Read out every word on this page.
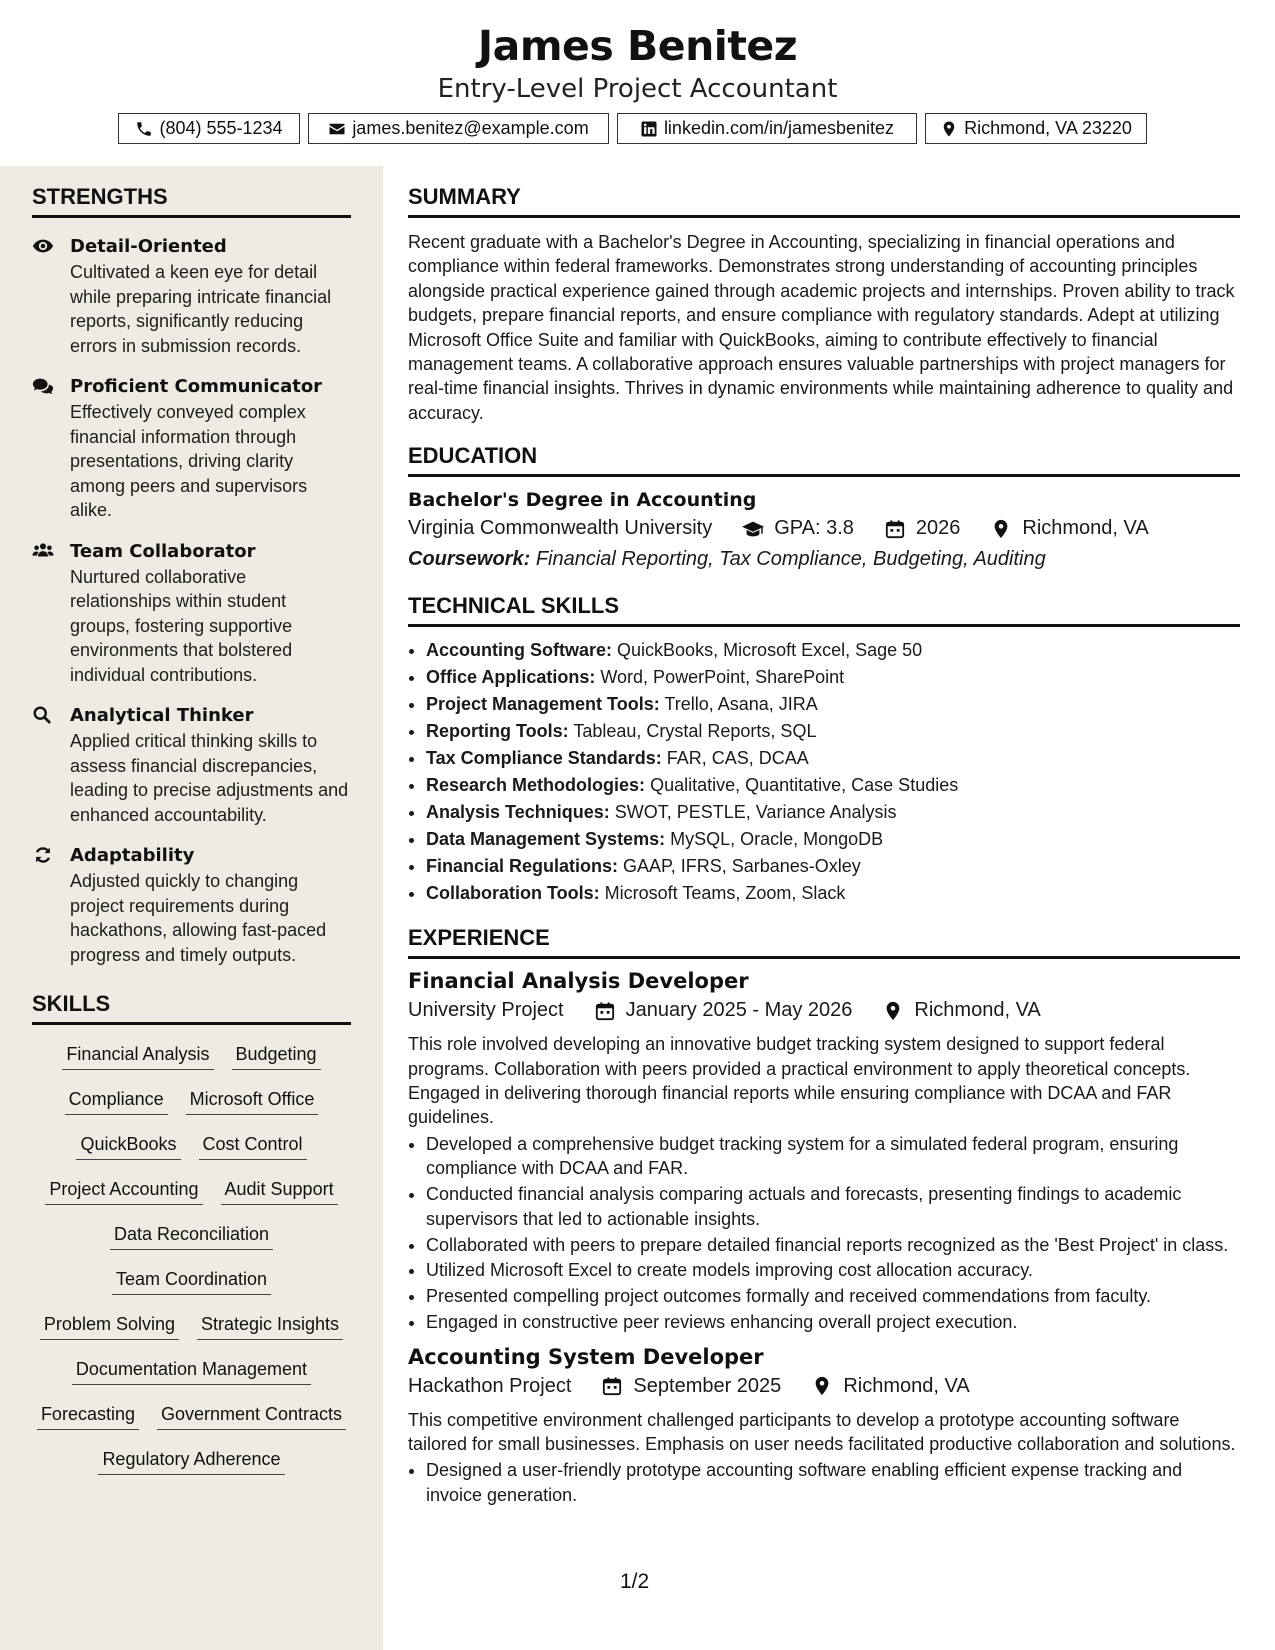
James Benitez
Entry-Level Project Accountant
(804) 555-1234	james.benitez@example.com	linkedin.com/in/jamesbenitez	Richmond, VA 23220
STRENGTHS
Detail-Oriented
Cultivated a keen eye for detail while preparing intricate financial reports, significantly reducing errors in submission records.
Proficient Communicator
Effectively conveyed complex financial information through presentations, driving clarity among peers and supervisors alike.
Team Collaborator
Nurtured collaborative relationships within student groups, fostering supportive environments that bolstered individual contributions.
Analytical Thinker
Applied critical thinking skills to assess financial discrepancies, leading to precise adjustments and enhanced accountability.
Adaptability
Adjusted quickly to changing project requirements during hackathons, allowing fast-paced progress and timely outputs.
SKILLS
Financial Analysis Budgeting
Compliance Microsoft Office
QuickBooks Cost Control
Project Accounting Audit Support
Data Reconciliation
Team Coordination
Problem Solving Strategic Insights
Documentation Management
Forecasting Government Contracts
Regulatory Adherence
SUMMARY

Recent graduate with a Bachelor's Degree in Accounting, specializing in financial operations and compliance within federal frameworks. Demonstrates strong understanding of accounting principles alongside practical experience gained through academic projects and internships. Proven ability to track budgets, prepare financial reports, and ensure compliance with regulatory standards. Adept at utilizing Microsoft Office Suite and familiar with QuickBooks, aiming to contribute effectively to financial management teams. A collaborative approach ensures valuable partnerships with project managers for real-time financial insights. Thrives in dynamic environments while maintaining adherence to quality and accuracy.

EDUCATION
Bachelor's Degree in Accounting
Virginia Commonwealth University	GPA: 3.8	2026	Richmond, VA
Coursework: Financial Reporting, Tax Compliance, Budgeting, Auditing
TECHNICAL SKILLS
• Accounting Software: QuickBooks, Microsoft Excel, Sage 50
• Office Applications: Word, PowerPoint, SharePoint
• Project Management Tools: Trello, Asana, JIRA
• Reporting Tools: Tableau, Crystal Reports, SQL
• Tax Compliance Standards: FAR, CAS, DCAA
• Research Methodologies: Qualitative, Quantitative, Case Studies
• Analysis Techniques: SWOT, PESTLE, Variance Analysis
• Data Management Systems: MySQL, Oracle, MongoDB
• Financial Regulations: GAAP, IFRS, Sarbanes-Oxley
• Collaboration Tools: Microsoft Teams, Zoom, Slack
EXPERIENCE
Financial Analysis Developer
University Project	January 2025 - May 2026	Richmond, VA
This role involved developing an innovative budget tracking system designed to support federal programs. Collaboration with peers provided a practical environment to apply theoretical concepts. Engaged in delivering thorough financial reports while ensuring compliance with DCAA and FAR guidelines.
• Developed a comprehensive budget tracking system for a simulated federal program, ensuring compliance with DCAA and FAR.
• Conducted financial analysis comparing actuals and forecasts, presenting findings to academic supervisors that led to actionable insights.
• Collaborated with peers to prepare detailed financial reports recognized as the 'Best Project' in class.
• Utilized Microsoft Excel to create models improving cost allocation accuracy.
• Presented compelling project outcomes formally and received commendations from faculty.
• Engaged in constructive peer reviews enhancing overall project execution.
Accounting System Developer
Hackathon Project	September 2025	Richmond, VA
This competitive environment challenged participants to develop a prototype accounting software tailored for small businesses. Emphasis on user needs facilitated productive collaboration and solutions.
• Designed a user-friendly prototype accounting software enabling efficient expense tracking and invoice generation.
1/2
